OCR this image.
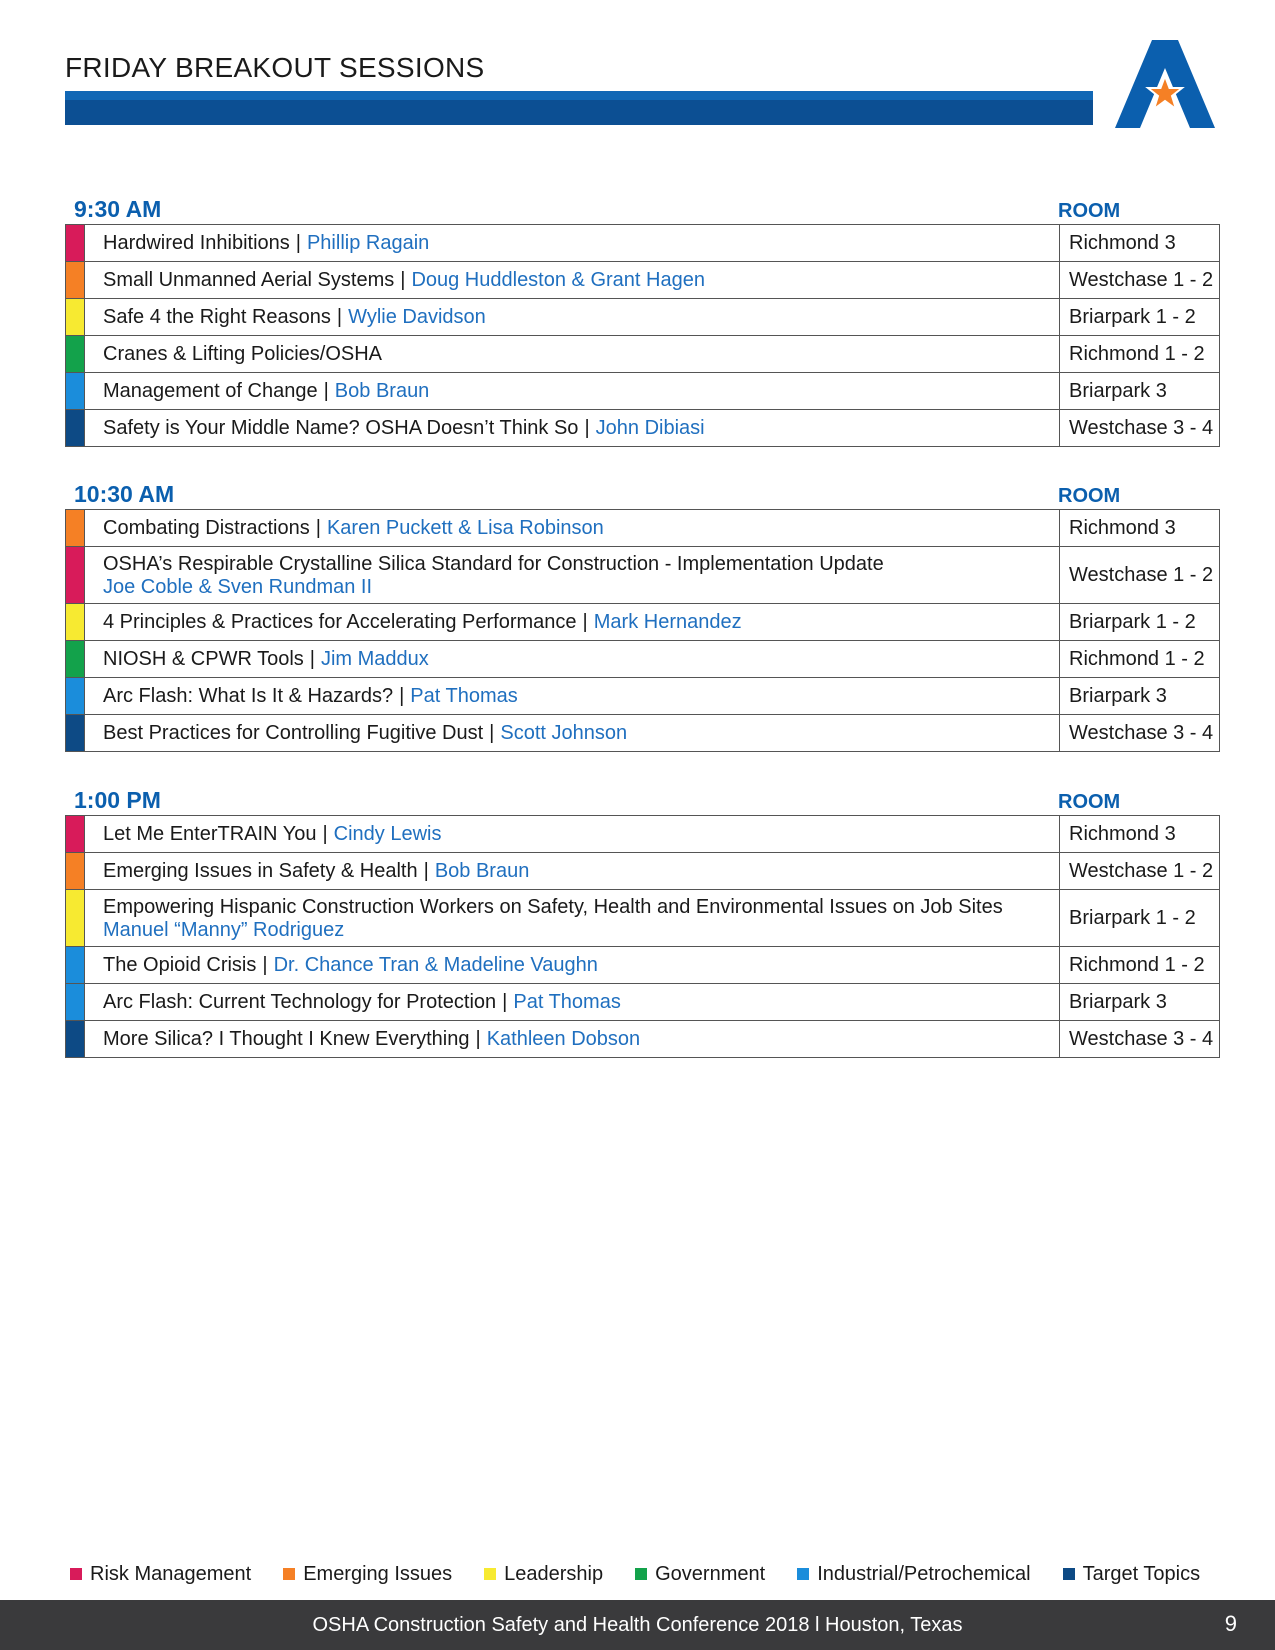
FRIDAY BREAKOUT SESSIONS
9:30 AM	ROOM
	Hardwired Inhibitions | Phillip Ragain	Richmond 3
	Small Unmanned Aerial Systems | Doug Huddleston & Grant Hagen	Westchase 1 - 2
	Safe 4 the Right Reasons | Wylie Davidson	Briarpark 1 - 2
	Cranes & Lifting Policies/OSHA	Richmond 1 - 2
	Management of Change | Bob Braun	Briarpark 3
	Safety is Your Middle Name? OSHA Doesn’t Think So | John Dibiasi	Westchase 3 - 4
10:30 AM	ROOM
	Combating Distractions | Karen Puckett & Lisa Robinson	Richmond 3
	OSHA’s Respirable Crystalline Silica Standard for Construction - Implementation Update
Joe Coble & Sven Rundman II	Westchase 1 - 2
	4 Principles & Practices for Accelerating Performance | Mark Hernandez	Briarpark 1 - 2
	NIOSH & CPWR Tools | Jim Maddux	Richmond 1 - 2
	Arc Flash: What Is It & Hazards? | Pat Thomas	Briarpark 3
	Best Practices for Controlling Fugitive Dust | Scott Johnson	Westchase 3 - 4
1:00 PM	ROOM
	Let Me EnterTRAIN You | Cindy Lewis	Richmond 3
	Emerging Issues in Safety & Health | Bob Braun	Westchase 1 - 2
	Empowering Hispanic Construction Workers on Safety, Health and Environmental Issues on Job Sites
Manuel “Manny” Rodriguez	Briarpark 1 - 2
	The Opioid Crisis | Dr. Chance Tran & Madeline Vaughn	Richmond 1 - 2
	Arc Flash: Current Technology for Protection | Pat Thomas	Briarpark 3
	More Silica? I Thought I Knew Everything | Kathleen Dobson	Westchase 3 - 4
Risk Management	Emerging Issues	Leadership	Government	Industrial/Petrochemical	Target Topics
OSHA Construction Safety and Health Conference 2018 l Houston, Texas	9
